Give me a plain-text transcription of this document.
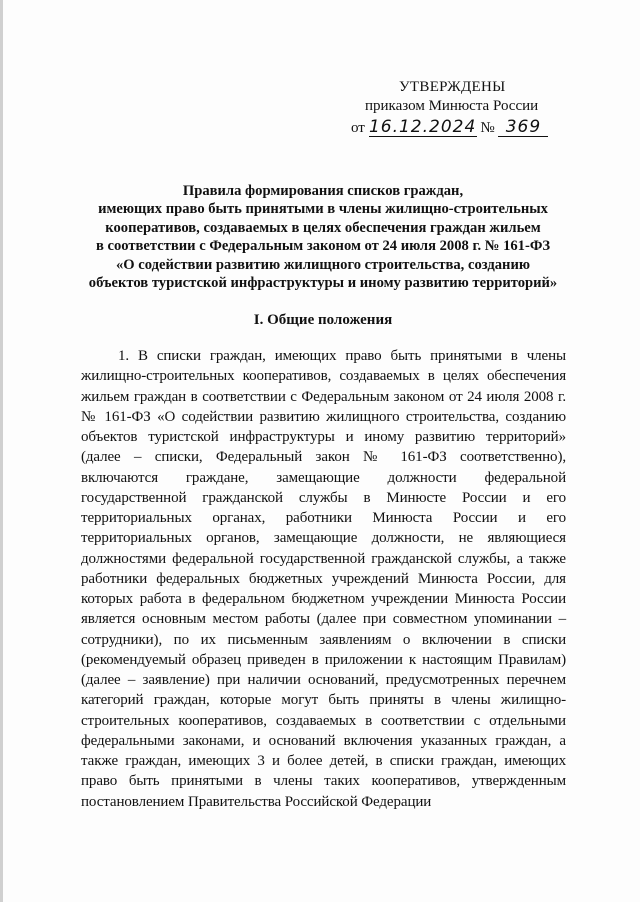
УТВЕРЖДЕНЫ
приказом Минюста России
от 16.12.2024 № 369
Правила формирования списков граждан,
имеющих право быть принятыми в члены жилищно-строительных
кооперативов, создаваемых в целях обеспечения граждан жильем
в соответствии с Федеральным законом от 24 июля 2008 г. № 161-ФЗ
«О содействии развитию жилищного строительства, созданию
объектов туристской инфраструктуры и иному развитию территорий»
I. Общие положения

1. В списки граждан, имеющих право быть принятыми в члены жилищно-строительных кооперативов, создаваемых в целях обеспечения жильем граждан в соответствии с Федеральным законом от 24 июля 2008 г. № 161-ФЗ «О содействии развитию жилищного строительства, созданию объектов туристской инфраструктуры и иному развитию территорий» (далее – списки, Федеральный закон № 161-ФЗ соответственно), включаются граждане, замещающие должности федеральной государственной гражданской службы в Минюсте России и его территориальных органах, работники Минюста России и его территориальных органов, замещающие должности, не являющиеся должностями федеральной государственной гражданской службы, а также работники федеральных бюджетных учреждений Минюста России, для которых работа в федеральном бюджетном учреждении Минюста России является основным местом работы (далее при совместном упоминании – сотрудники), по их письменным заявлениям о включении в списки (рекомендуемый образец приведен в приложении к настоящим Правилам) (далее – заявление) при наличии оснований, предусмотренных перечнем категорий граждан, которые могут быть приняты в члены жилищно-строительных кооперативов, создаваемых в соответствии с отдельными федеральными законами, и оснований включения указанных граждан, а также граждан, имеющих 3 и более детей, в списки граждан, имеющих право быть принятыми в члены таких кооперативов, утвержденным постановлением Правительства Российской Федерации
